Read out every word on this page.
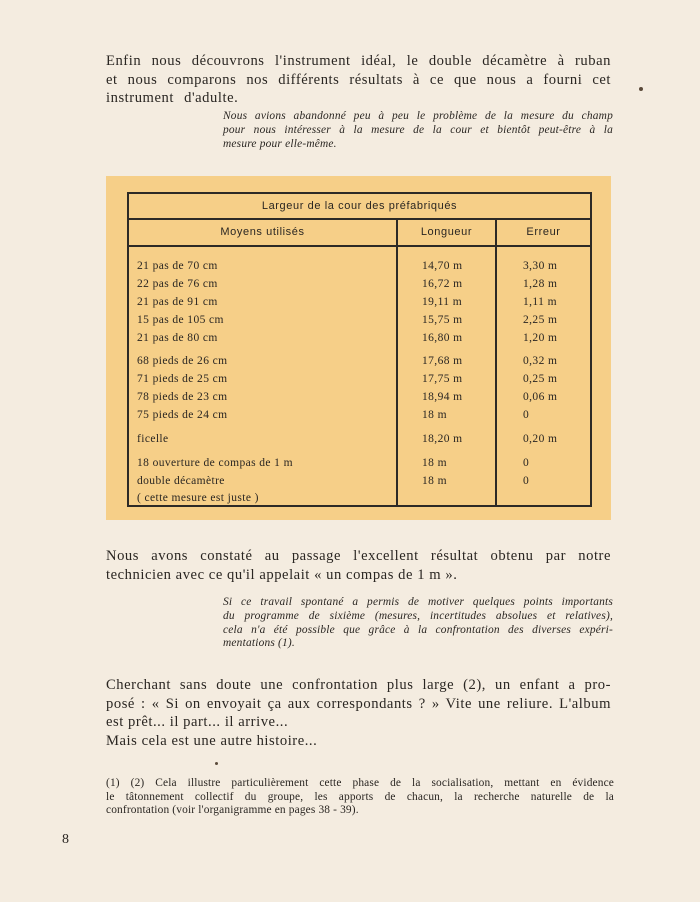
Enfin nous découvrons l'instrument idéal, le double décamètre à ruban
et nous comparons nos différents résultats à ce que nous a fourni cet
instrument d'adulte.
Nous avions abandonné peu à peu le problème de la mesure du champ
pour nous intéresser à la mesure de la cour et bientôt peut-être à la
mesure pour elle-même.
Largeur de la cour des préfabriqués
Moyens utilisés	Longueur	Erreur
21 pas de 70 cm	14,70 m	3,30 m
22 pas de 76 cm	16,72 m	1,28 m
21 pas de 91 cm	19,11 m	1,11 m
15 pas de 105 cm	15,75 m	2,25 m
21 pas de 80 cm	16,80 m	1,20 m
68 pieds de 26 cm	17,68 m	0,32 m
71 pieds de 25 cm	17,75 m	0,25 m
78 pieds de 23 cm	18,94 m	0,06 m
75 pieds de 24 cm	18 m	0
ficelle	18,20 m	0,20 m
18 ouverture de compas de 1 m	18 m	0
double décamètre	18 m	0
( cette mesure est juste )
Nous avons constaté au passage l'excellent résultat obtenu par notre
technicien avec ce qu'il appelait « un compas de 1 m ».
Si ce travail spontané a permis de motiver quelques points importants
du programme de sixième (mesures, incertitudes absolues et relatives),
cela n'a été possible que grâce à la confrontation des diverses expéri-
mentations (1).
Cherchant sans doute une confrontation plus large (2), un enfant a pro-
posé : « Si on envoyait ça aux correspondants ? » Vite une reliure. L'album
est prêt... il part... il arrive...
Mais cela est une autre histoire...
(1) (2) Cela illustre particulièrement cette phase de la socialisation, mettant en évidence
le tâtonnement collectif du groupe, les apports de chacun, la recherche naturelle de la
confrontation (voir l'organigramme en pages 38 - 39).
8
